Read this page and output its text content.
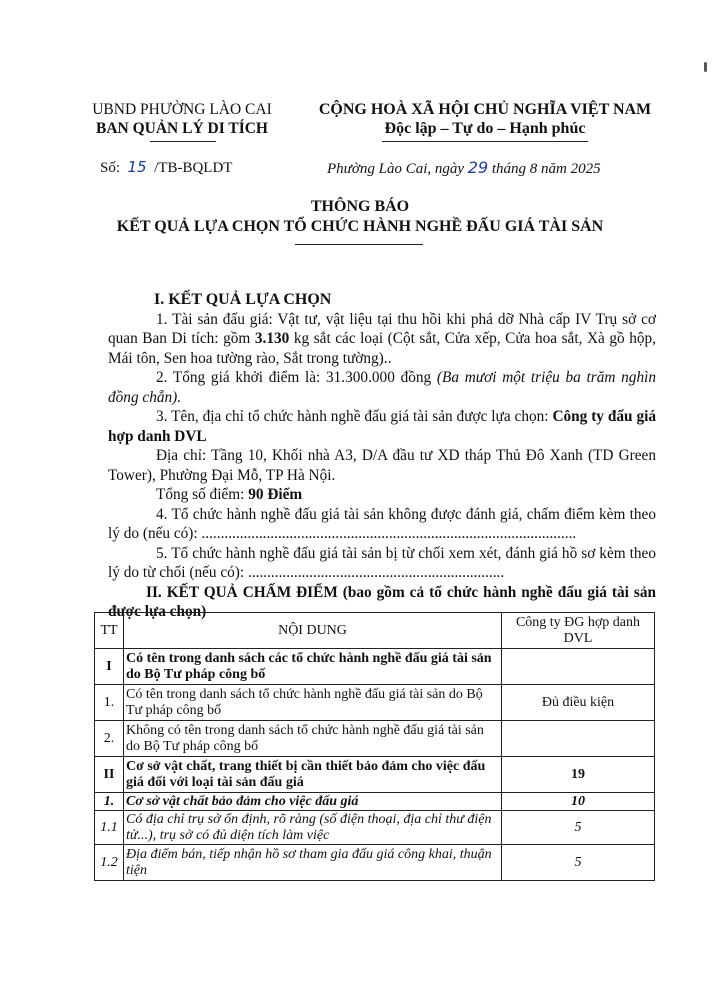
UBND PHƯỜNG LÀO CAI
BAN QUẢN LÝ DI TÍCH
CỘNG HOÀ XÃ HỘI CHỦ NGHĨA VIỆT NAM
Độc lập – Tự do – Hạnh phúc
Số: 15 /TB-BQLDT	Phường Lào Cai, ngày 29 tháng 8 năm 2025
THÔNG BÁO
KẾT QUẢ LỰA CHỌN TỔ CHỨC HÀNH NGHỀ ĐẤU GIÁ TÀI SẢN

I. KẾT QUẢ LỰA CHỌN

1. Tài sản đấu giá: Vật tư, vật liệu tại thu hồi khi phá dỡ Nhà cấp IV Trụ sở cơ quan Ban Di tích: gồm 3.130 kg sắt các loại (Cột sắt, Cửa xếp, Cửa hoa sắt, Xà gồ hộp, Mái tôn, Sen hoa tường rào, Sắt trong tường)..

2. Tổng giá khởi điểm là: 31.300.000 đồng (Ba mươi một triệu ba trăm nghìn đồng chẵn).

3. Tên, địa chỉ tổ chức hành nghề đấu giá tài sản được lựa chọn: Công ty đấu giá hợp danh DVL

Địa chỉ: Tầng 10, Khối nhà A3, D/A đầu tư XD tháp Thủ Đô Xanh (TD Green Tower), Phường Đại Mỗ, TP Hà Nội.

Tổng số điểm: 90 Điểm

4. Tổ chức hành nghề đấu giá tài sản không được đánh giá, chấm điểm kèm theo lý do (nếu có): ..................................................................................................

5. Tổ chức hành nghề đấu giá tài sản bị từ chối xem xét, đánh giá hồ sơ kèm theo lý do từ chối (nếu có): ...................................................................

II. KẾT QUẢ CHẤM ĐIỂM (bao gồm cả tổ chức hành nghề đấu giá tài sản được lựa chọn)

TT	NỘI DUNG	Công ty ĐG hợp danh DVL
I	Có tên trong danh sách các tổ chức hành nghề đấu giá tài sản do Bộ Tư pháp công bố	
1.	Có tên trong danh sách tổ chức hành nghề đấu giá tài sản do Bộ Tư pháp công bố	Đủ điều kiện
2.	Không có tên trong danh sách tổ chức hành nghề đấu giá tài sản do Bộ Tư pháp công bố	
II	Cơ sở vật chất, trang thiết bị cần thiết bảo đảm cho việc đấu giá đối với loại tài sản đấu giá	19
1.	Cơ sở vật chất bảo đảm cho việc đấu giá	10
1.1	Có địa chỉ trụ sở ổn định, rõ ràng (số điện thoại, địa chỉ thư điện tử...), trụ sở có đủ diện tích làm việc	5
1.2	Địa điểm bán, tiếp nhận hồ sơ tham gia đấu giá công khai, thuận tiện	5
